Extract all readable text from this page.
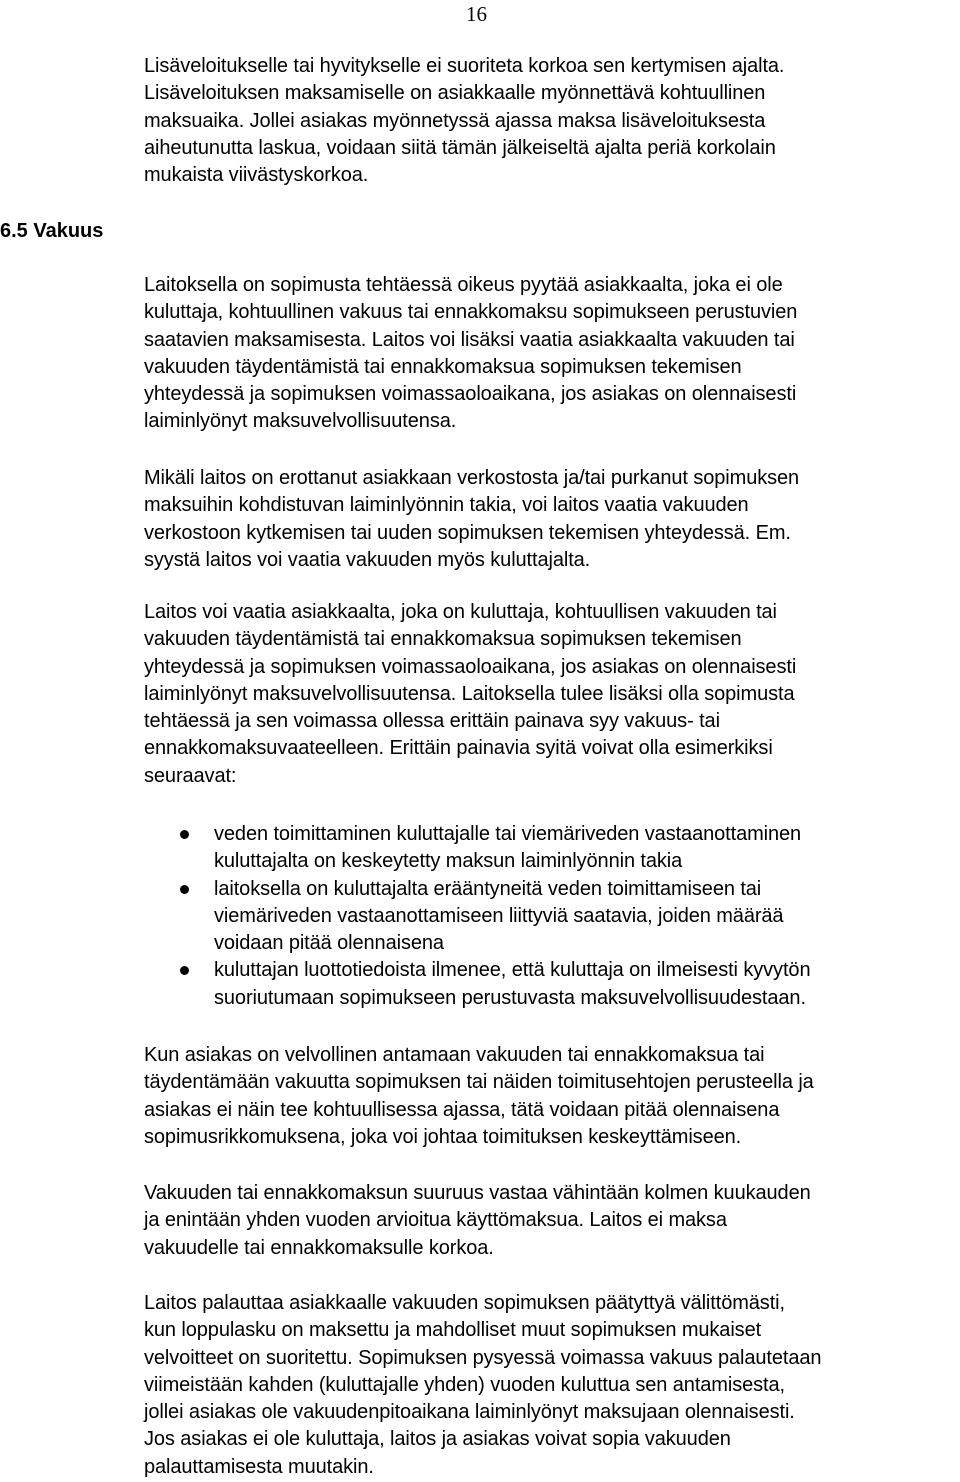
16

Lisäveloitukselle tai hyvitykselle ei suoriteta korkoa sen kertymisen ajalta.
Lisäveloituksen maksamiselle on asiakkaalle myönnettävä kohtuullinen
maksuaika. Jollei asiakas myönnetyssä ajassa maksa lisäveloituksesta
aiheutunutta laskua, voidaan siitä tämän jälkeiseltä ajalta periä korkolain
mukaista viivästyskorkoa.

6.5 Vakuus

Laitoksella on sopimusta tehtäessä oikeus pyytää asiakkaalta, joka ei ole
kuluttaja, kohtuullinen vakuus tai ennakkomaksu sopimukseen perustuvien
saatavien maksamisesta. Laitos voi lisäksi vaatia asiakkaalta vakuuden tai
vakuuden täydentämistä tai ennakkomaksua sopimuksen tekemisen
yhteydessä ja sopimuksen voimassaoloaikana, jos asiakas on olennaisesti
laiminlyönyt maksuvelvollisuutensa.

Mikäli laitos on erottanut asiakkaan verkostosta ja/tai purkanut sopimuksen
maksuihin kohdistuvan laiminlyönnin takia, voi laitos vaatia vakuuden
verkostoon kytkemisen tai uuden sopimuksen tekemisen yhteydessä. Em.
syystä laitos voi vaatia vakuuden myös kuluttajalta.

Laitos voi vaatia asiakkaalta, joka on kuluttaja, kohtuullisen vakuuden tai
vakuuden täydentämistä tai ennakkomaksua sopimuksen tekemisen
yhteydessä ja sopimuksen voimassaoloaikana, jos asiakas on olennaisesti
laiminlyönyt maksuvelvollisuutensa. Laitoksella tulee lisäksi olla sopimusta
tehtäessä ja sen voimassa ollessa erittäin painava syy vakuus- tai
ennakkomaksuvaateelleen. Erittäin painavia syitä voivat olla esimerkiksi
seuraavat:

veden toimittaminen kuluttajalle tai viemäriveden vastaanottaminen
kuluttajalta on keskeytetty maksun laiminlyönnin takia
laitoksella on kuluttajalta erääntyneitä veden toimittamiseen tai
viemäriveden vastaanottamiseen liittyviä saatavia, joiden määrää
voidaan pitää olennaisena
kuluttajan luottotiedoista ilmenee, että kuluttaja on ilmeisesti kyvytön
suoriutumaan sopimukseen perustuvasta maksuvelvollisuudestaan.

Kun asiakas on velvollinen antamaan vakuuden tai ennakkomaksua tai
täydentämään vakuutta sopimuksen tai näiden toimitusehtojen perusteella ja
asiakas ei näin tee kohtuullisessa ajassa, tätä voidaan pitää olennaisena
sopimusrikkomuksena, joka voi johtaa toimituksen keskeyttämiseen.

Vakuuden tai ennakkomaksun suuruus vastaa vähintään kolmen kuukauden
ja enintään yhden vuoden arvioitua käyttömaksua. Laitos ei maksa
vakuudelle tai ennakkomaksulle korkoa.

Laitos palauttaa asiakkaalle vakuuden sopimuksen päätyttyä välittömästi,
kun loppulasku on maksettu ja mahdolliset muut sopimuksen mukaiset
velvoitteet on suoritettu. Sopimuksen pysyessä voimassa vakuus palautetaan
viimeistään kahden (kuluttajalle yhden) vuoden kuluttua sen antamisesta,
jollei asiakas ole vakuudenpitoaikana laiminlyönyt maksujaan olennaisesti.
Jos asiakas ei ole kuluttaja, laitos ja asiakas voivat sopia vakuuden
palauttamisesta muutakin.
